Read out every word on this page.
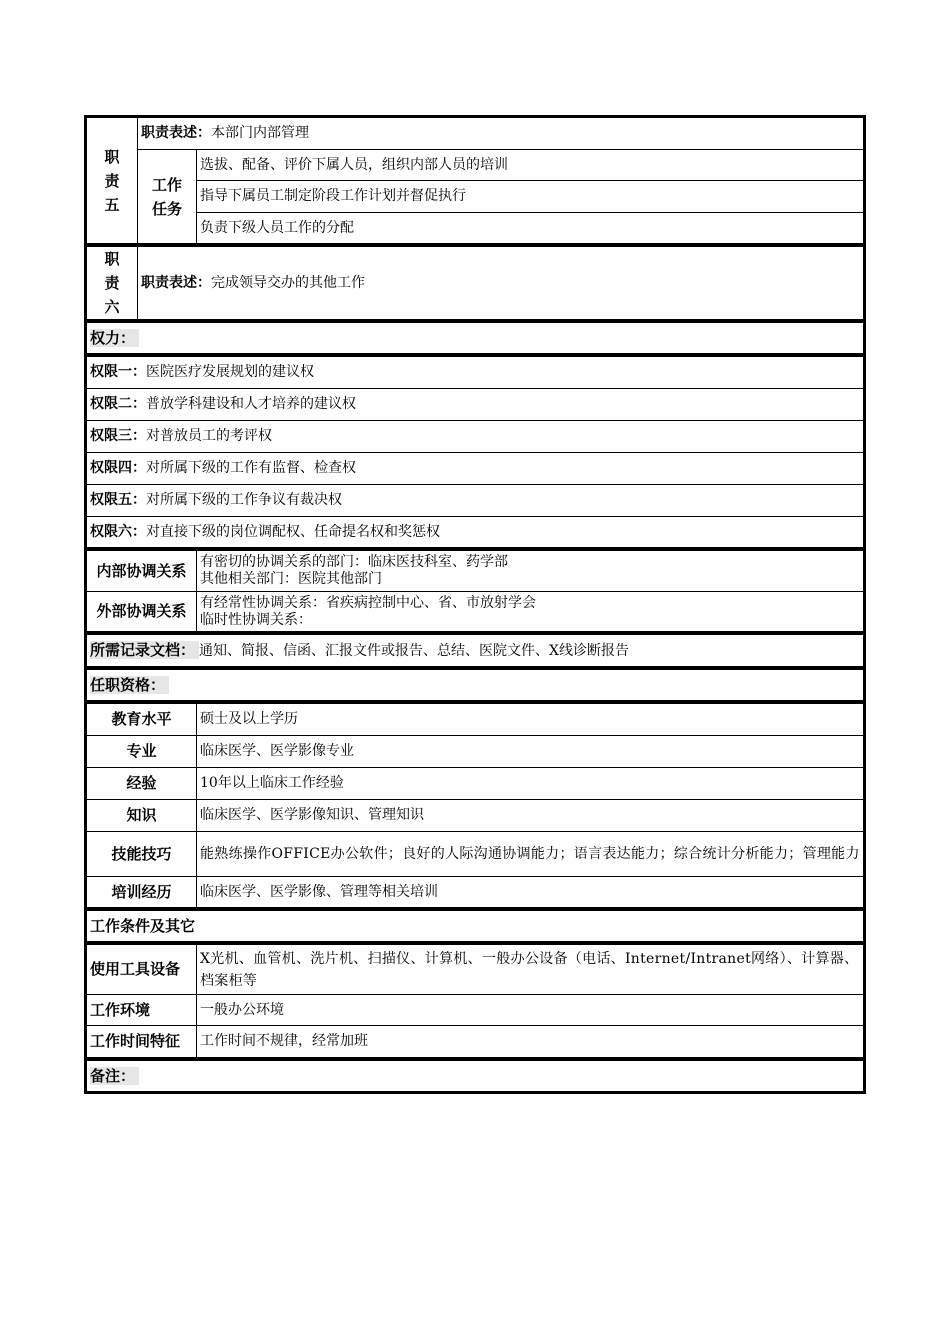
职
责
五	职责表述：本部门内部管理	
	工作
任务	选拔、配备、评价下属人员，组织内部人员的培训
		指导下属员工制定阶段工作计划并督促执行
		负责下级人员工作的分配
职
责
六	职责表述：完成领导交办的其他工作
权力：
权限一：医院医疗发展规划的建议权
权限二：普放学科建设和人才培养的建议权
权限三：对普放员工的考评权
权限四：对所属下级的工作有监督、检查权
权限五：对所属下级的工作争议有裁决权
权限六：对直接下级的岗位调配权、任命提名权和奖惩权
内部协调关系	有密切的协调关系的部门：临床医技科室、药学部
其他相关部门：医院其他部门

外部协调关系	有经常性协调关系：省疾病控制中心、省、市放射学会
临时性协调关系：
所需记录文档： 通知、简报、信函、汇报文件或报告、总结、医院文件、X线诊断报告
任职资格：
教育水平	硕士及以上学历
专业	临床医学、医学影像专业
经验	10年以上临床工作经验
知识	临床医学、医学影像知识、管理知识
技能技巧	能熟练操作OFFICE办公软件；良好的人际沟通协调能力；语言表达能力；综合统计分析能力；管理能力
培训经历	临床医学、医学影像、管理等相关培训
工作条件及其它
使用工具设备	X光机、血管机、洗片机、扫描仪、计算机、一般办公设备（电话、Internet/Intranet网络）、计算器、档案柜等
工作环境	一般办公环境
工作时间特征	工作时间不规律，经常加班
备注：
